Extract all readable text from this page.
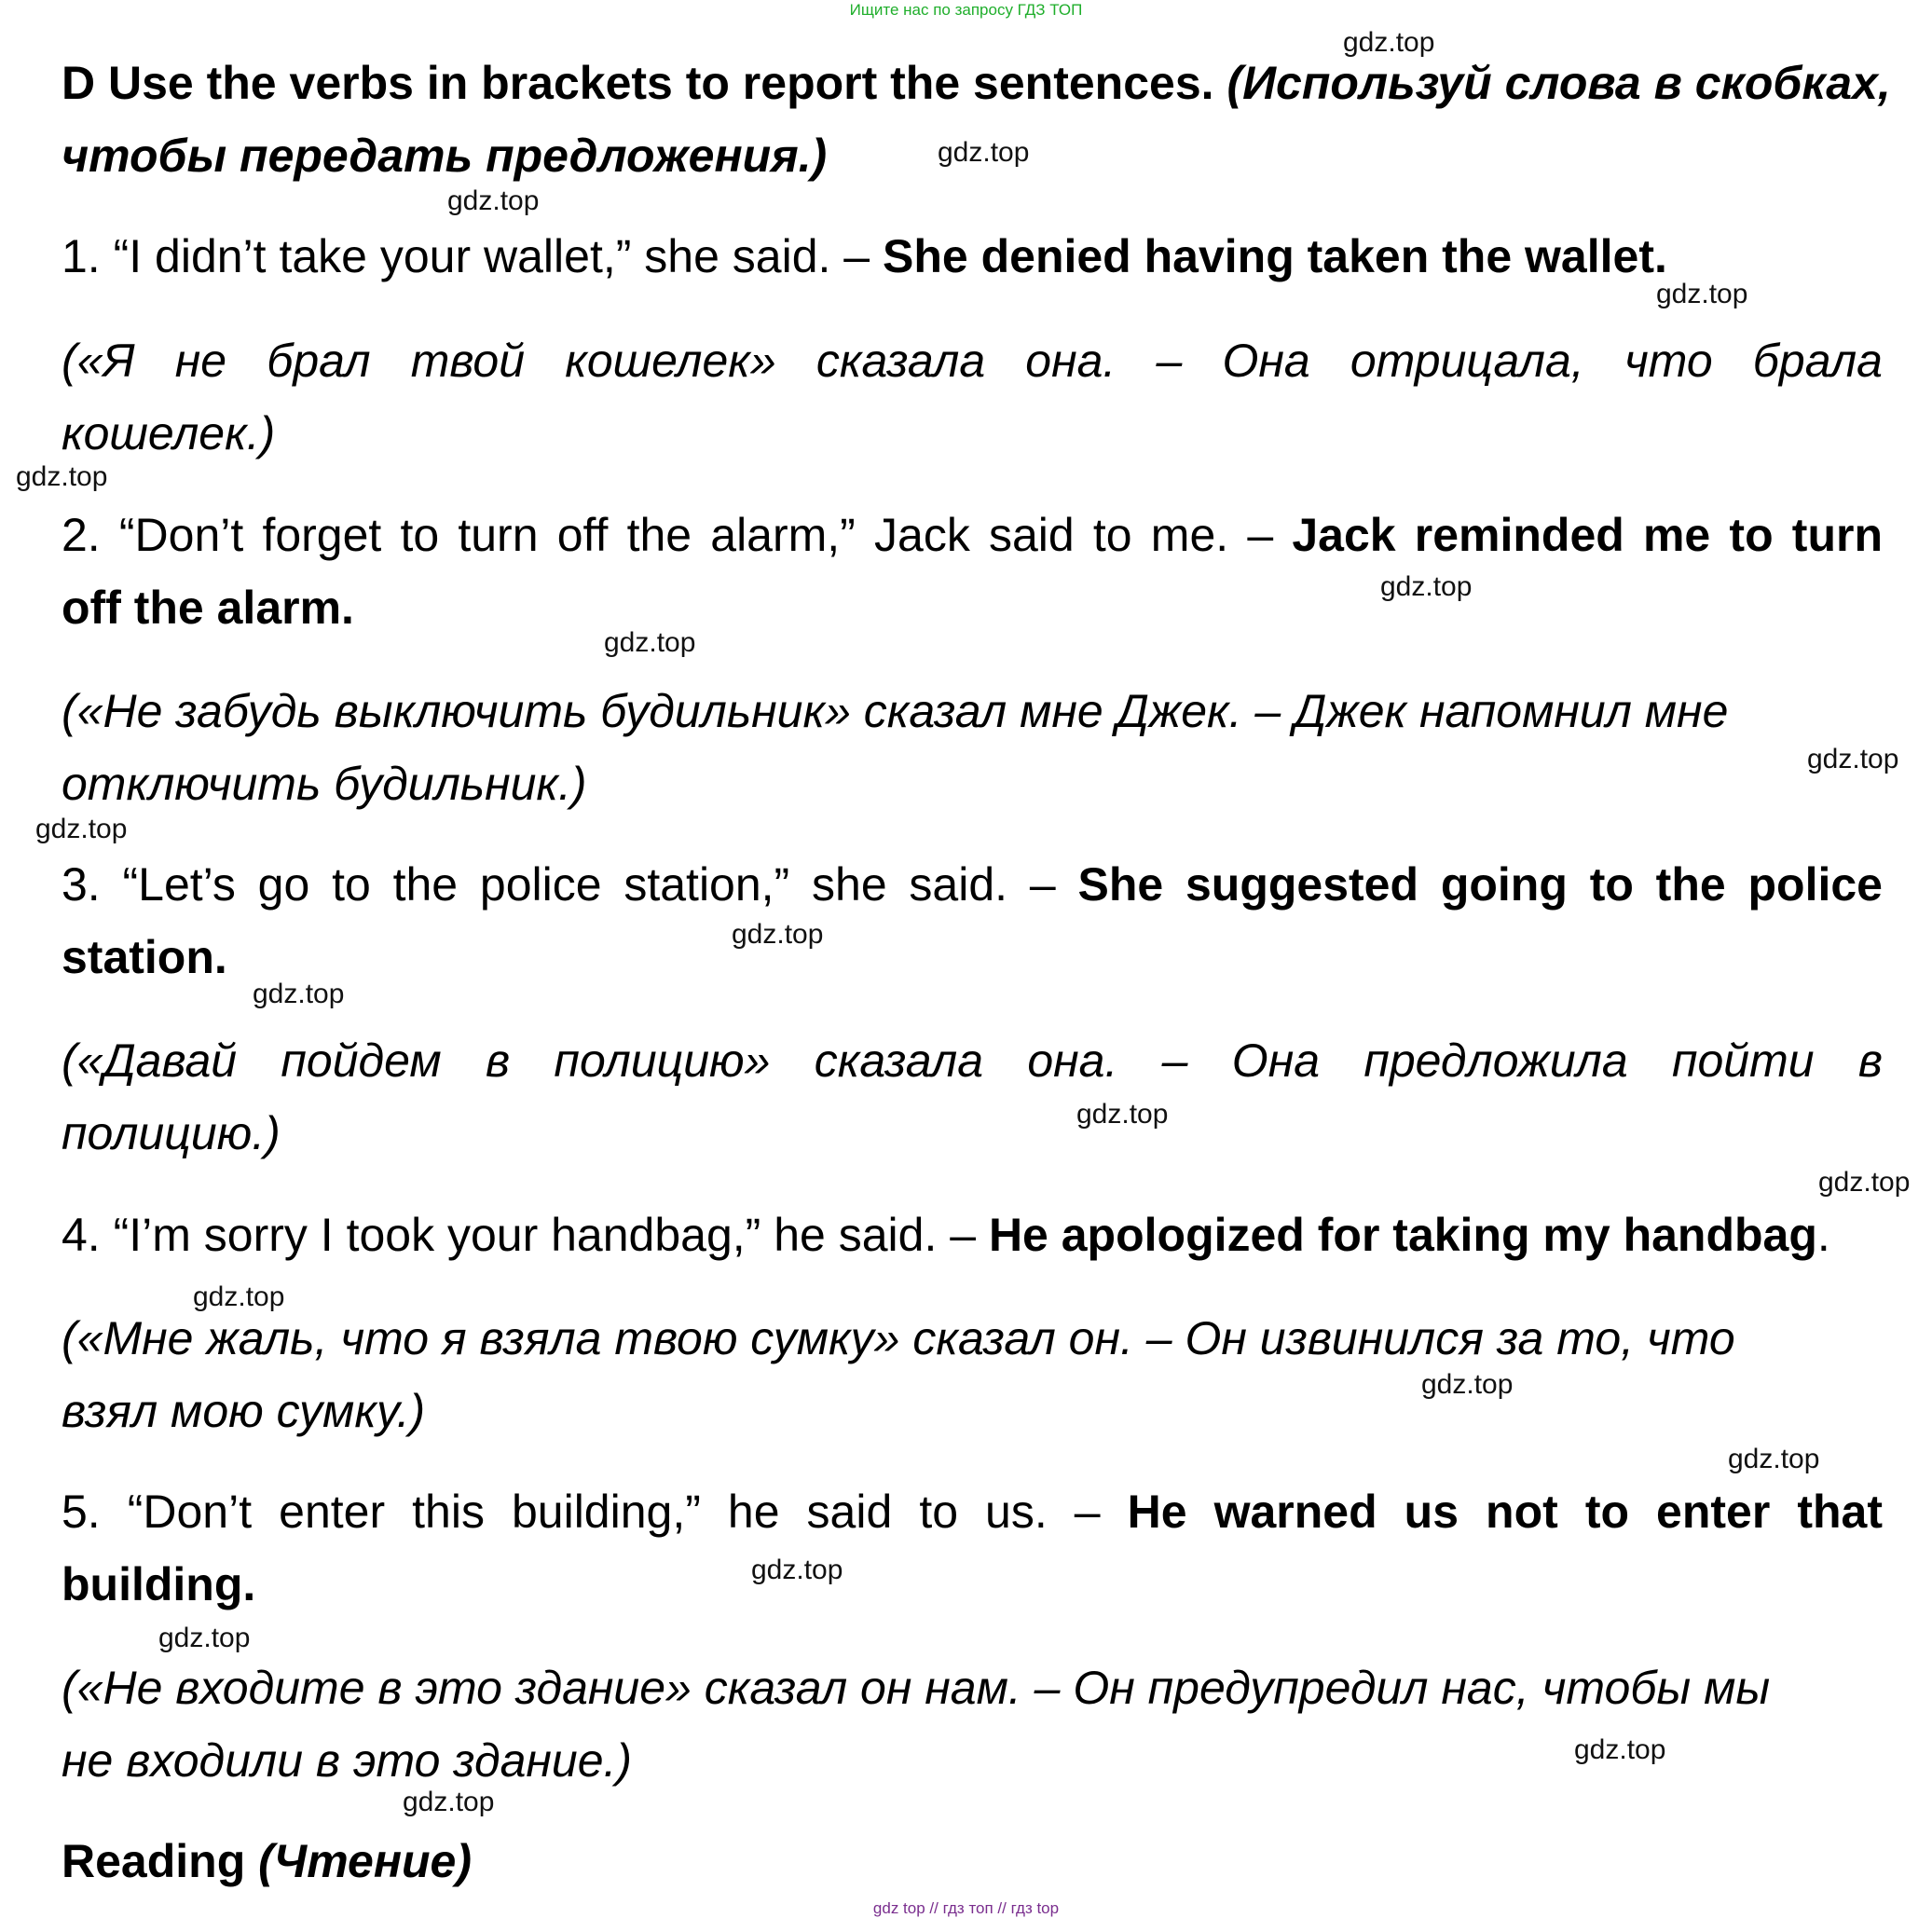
Ищите нас по запросу ГДЗ ТОП
D Use the verbs in brackets to report the sentences. (Используй слова в скобках,
чтобы передать предложения.)
1. “I didn’t take your wallet,” she said. – She denied having taken the wallet.
(«Я не брал твой кошелек» сказала она. – Она отрицала, что брала
кошелек.)
2. “Don’t forget to turn off the alarm,” Jack said to me. – Jack reminded me to turn
off the alarm.
(«Не забудь выключить будильник» сказал мне Джек. – Джек напомнил мне
отключить будильник.)
3. “Let’s go to the police station,” she said. – She suggested going to the police
station.
(«Давай пойдем в полицию» сказала она. – Она предложила пойти в
полицию.)
4. “I’m sorry I took your handbag,” he said. – He apologized for taking my handbag.
(«Мне жаль, что я взяла твою сумку» сказал он. – Он извинился за то, что
взял мою сумку.)
5. “Don’t enter this building,” he said to us. – He warned us not to enter that
building.
(«Не входите в это здание» сказал он нам. – Он предупредил нас, чтобы мы
не входили в это здание.)
Reading (Чтение)
gdz.top
gdz.top
gdz.top
gdz.top
gdz.top
gdz.top
gdz.top
gdz.top
gdz.top
gdz.top
gdz.top
gdz.top
gdz.top
gdz.top
gdz.top
gdz.top
gdz.top
gdz.top
gdz.top
gdz.top
gdz top // гдз топ // гдз top
